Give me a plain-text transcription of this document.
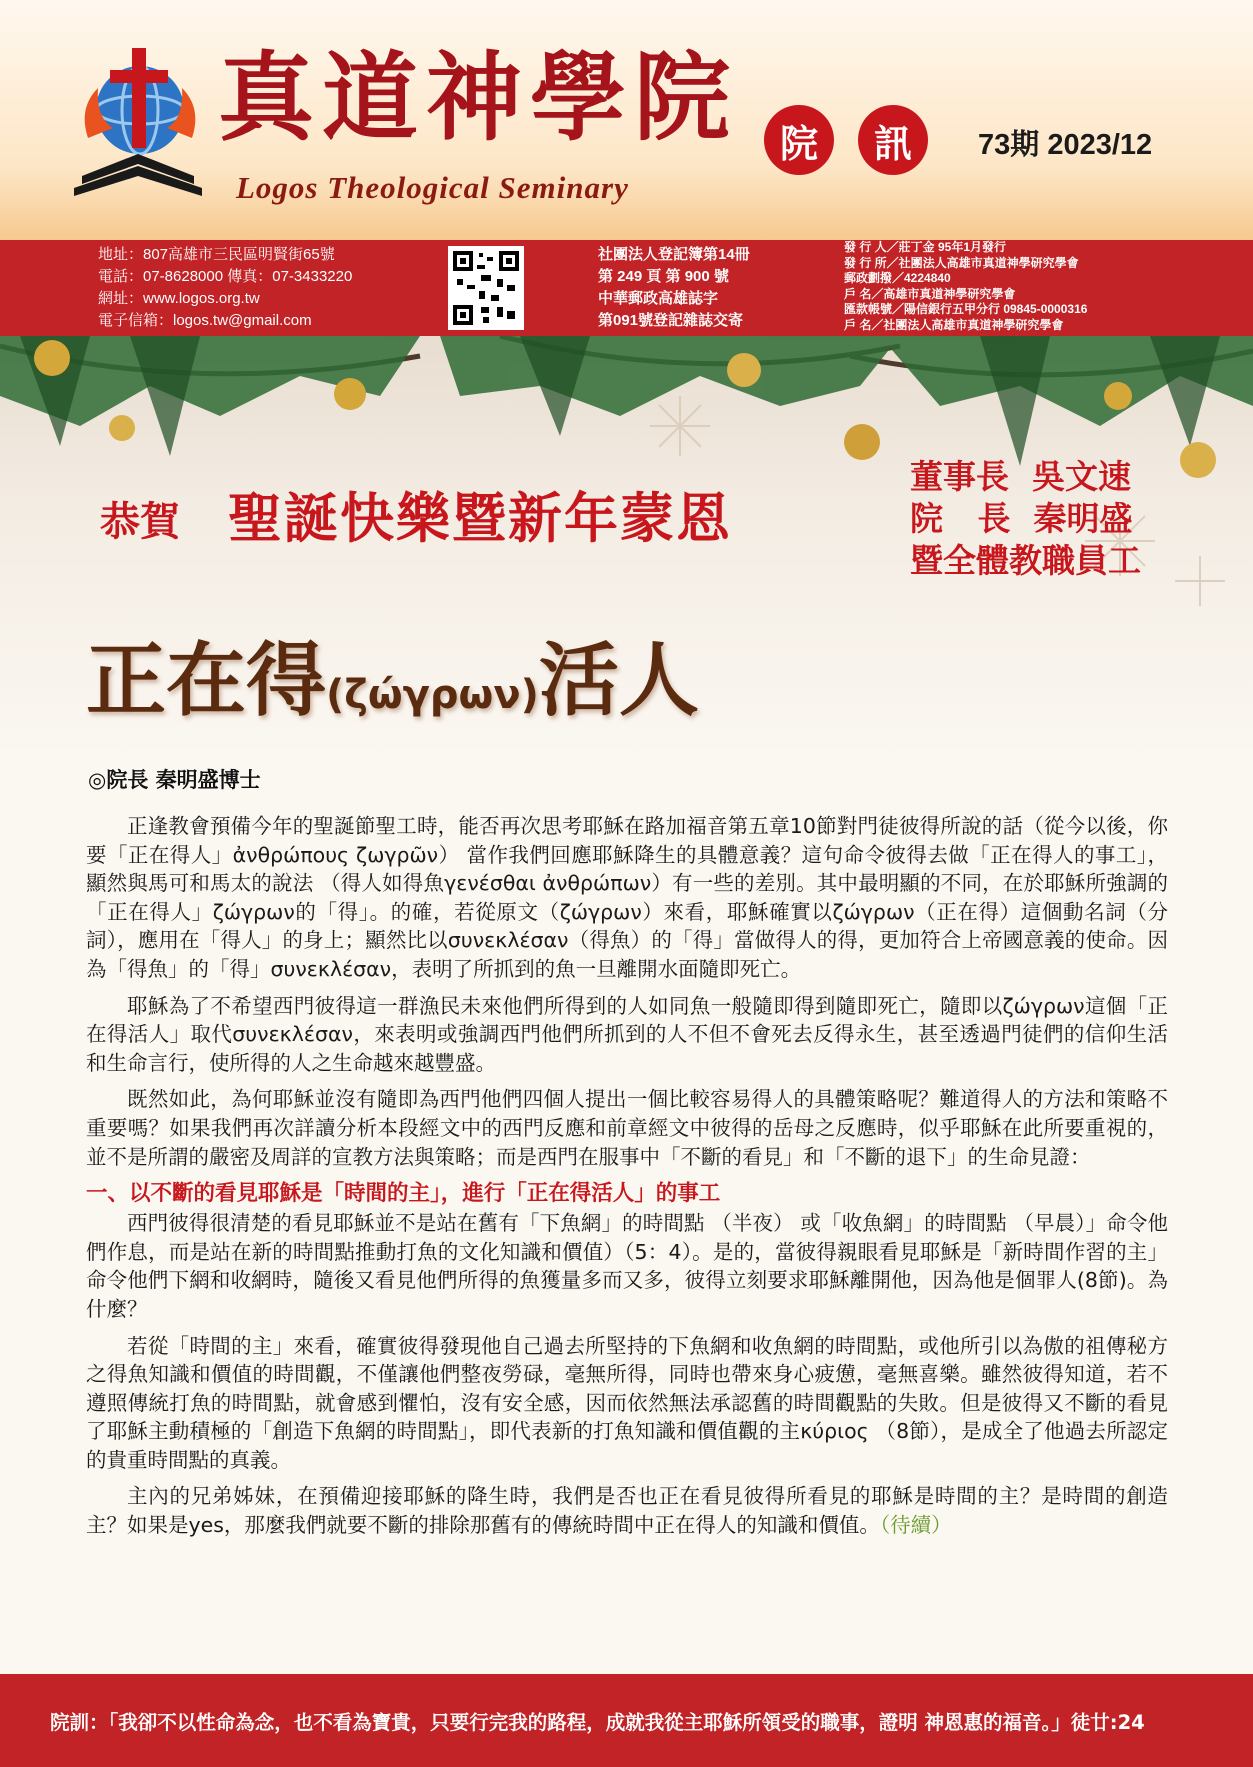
真道神學院
Logos Theological Seminary
院	訊	73期 2023/12
地址：807高雄市三民區明賢街65號
電話：07-8628000 傳真：07-3433220
網址：www.logos.org.tw
電子信箱：logos.tw@gmail.com
社團法人登記簿第14冊
第 249 頁 第 900 號
中華郵政高雄誌字
第091號登記雜誌交寄
發 行 人／莊丁金 95年1月發行
發 行 所／社團法人高雄市真道神學研究學會
郵政劃撥／4224840
戶 名／高雄市真道神學研究學會
匯款帳號／陽信銀行五甲分行 09845-0000316
戶 名／社團法人高雄市真道神學研究學會
恭賀 聖誕快樂暨新年蒙恩
董事長  吳文速
院   長  秦明盛
暨全體教職員工
正在得 (ζώγρων) 活人
◎院長 秦明盛博士

正逢教會預備今年的聖誕節聖工時，能否再次思考耶穌在路加福音第五章10節對門徒彼得所說的話（從今以後，你要「正在得人」ἀνθρώπους ζωγρῶν） 當作我們回應耶穌降生的具體意義？這句命令彼得去做「正在得人的事工」，顯然與馬可和馬太的說法 （得人如得魚γενέσθαι ἀνθρώπων）有一些的差別。其中最明顯的不同，在於耶穌所強調的「正在得人」ζώγρων的「得」。的確，若從原文（ζώγρων）來看，耶穌確實以ζώγρων（正在得）這個動名詞（分詞），應用在「得人」的身上；顯然比以συνεκλέσαν（得魚）的「得」當做得人的得，更加符合上帝國意義的使命。因為「得魚」的「得」συνεκλέσαν，表明了所抓到的魚一旦離開水面隨即死亡。

耶穌為了不希望西門彼得這一群漁民未來他們所得到的人如同魚一般隨即得到隨即死亡，隨即以ζώγρων這個「正在得活人」取代συνεκλέσαν，來表明或強調西門他們所抓到的人不但不會死去反得永生，甚至透過門徒們的信仰生活和生命言行，使所得的人之生命越來越豐盛。

既然如此，為何耶穌並沒有隨即為西門他們四個人提出一個比較容易得人的具體策略呢？難道得人的方法和策略不重要嗎？如果我們再次詳讀分析本段經文中的西門反應和前章經文中彼得的岳母之反應時，似乎耶穌在此所要重視的，並不是所謂的嚴密及周詳的宣教方法與策略；而是西門在服事中「不斷的看見」和「不斷的退下」的生命見證：

一、以不斷的看見耶穌是「時間的主」，進行「正在得活人」的事工

西門彼得很清楚的看見耶穌並不是站在舊有「下魚網」的時間點 （半夜） 或「收魚網」的時間點 （早晨）」命令他們作息，而是站在新的時間點推動打魚的文化知識和價值）（5：4）。是的，當彼得親眼看見耶穌是「新時間作習的主」命令他們下網和收網時，隨後又看見他們所得的魚獲量多而又多，彼得立刻要求耶穌離開他，因為他是個罪人(8節)。為什麼？

若從「時間的主」來看，確實彼得發現他自己過去所堅持的下魚網和收魚網的時間點，或他所引以為傲的祖傳秘方之得魚知識和價值的時間觀，不僅讓他們整夜勞碌，毫無所得，同時也帶來身心疲憊，毫無喜樂。雖然彼得知道，若不遵照傳統打魚的時間點，就會感到懼怕，沒有安全感，因而依然無法承認舊的時間觀點的失敗。但是彼得又不斷的看見了耶穌主動積極的「創造下魚網的時間點」，即代表新的打魚知識和價值觀的主κύριος （8節），是成全了他過去所認定的貴重時間點的真義。

主內的兄弟姊妹，在預備迎接耶穌的降生時，我們是否也正在看見彼得所看見的耶穌是時間的主？是時間的創造主？如果是yes，那麼我們就要不斷的排除那舊有的傳統時間中正在得人的知識和價值。（待續）

院訓：「我卻不以性命為念，也不看為寶貴，只要行完我的路程，成就我從主耶穌所領受的職事，證明 神恩惠的福音。」徒廿:24
